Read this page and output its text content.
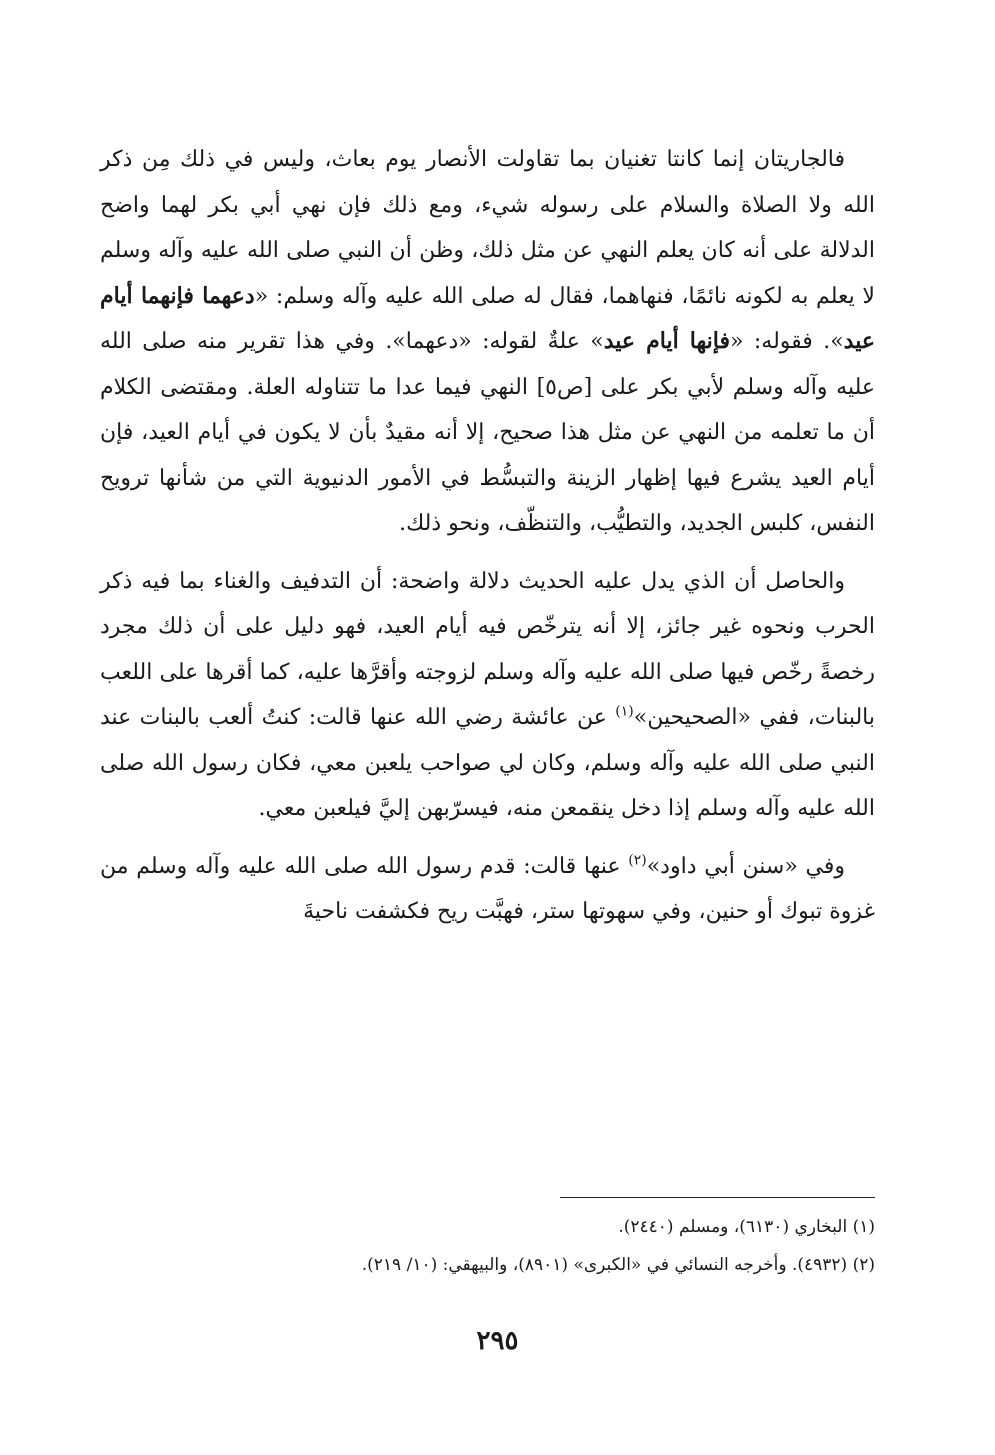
فالجاريتان إنما كانتا تغنيان بما تقاولت الأنصار يوم بعاث، وليس في ذلك مِن ذكر الله ولا الصلاة والسلام على رسوله شيء، ومع ذلك فإن نهي أبي بكر لهما واضح الدلالة على أنه كان يعلم النهي عن مثل ذلك، وظن أن النبي صلى الله عليه وآله وسلم لا يعلم به لكونه نائمًا، فنهاهما، فقال له صلى الله عليه وآله وسلم: «دعهما فإنهما أيام عيد». فقوله: «فإنها أيام عيد» علةٌ لقوله: «دعهما». وفي هذا تقرير منه صلى الله عليه وآله وسلم لأبي بكر على [ص٥] النهي فيما عدا ما تتناوله العلة. ومقتضى الكلام أن ما تعلمه من النهي عن مثل هذا صحيح، إلا أنه مقيدٌ بأن لا يكون في أيام العيد، فإن أيام العيد يشرع فيها إظهار الزينة والتبسُّط في الأمور الدنيوية التي من شأنها ترويح النفس، كلبس الجديد، والتطيُّب، والتنظّف، ونحو ذلك.

والحاصل أن الذي يدل عليه الحديث دلالة واضحة: أن التدفيف والغناء بما فيه ذكر الحرب ونحوه غير جائز، إلا أنه يترخّص فيه أيام العيد، فهو دليل على أن ذلك مجرد رخصةً رخّص فيها صلى الله عليه وآله وسلم لزوجته وأقرَّها عليه، كما أقرها على اللعب بالبنات، ففي «الصحيحين»$^{(١)}$ عن عائشة رضي الله عنها قالت: كنتُ ألعب بالبنات عند النبي صلى الله عليه وآله وسلم، وكان لي صواحب يلعبن معي، فكان رسول الله صلى الله عليه وآله وسلم إذا دخل ينقمعن منه، فيسرّبهن إليَّ فيلعبن معي.

وفي «سنن أبي داود»$^{(٢)}$ عنها قالت: قدم رسول الله صلى الله عليه وآله وسلم من غزوة تبوك أو حنين، وفي سهوتها ستر، فهبَّت ريح فكشفت ناحيةَ

(١) البخاري (٦١٣٠)، ومسلم (٢٤٤٠).

(٢) (٤٩٣٢). وأخرجه النسائي في «الكبرى» (٨٩٠١)، والبيهقي: (١٠/ ٢١٩).

٢٩٥
